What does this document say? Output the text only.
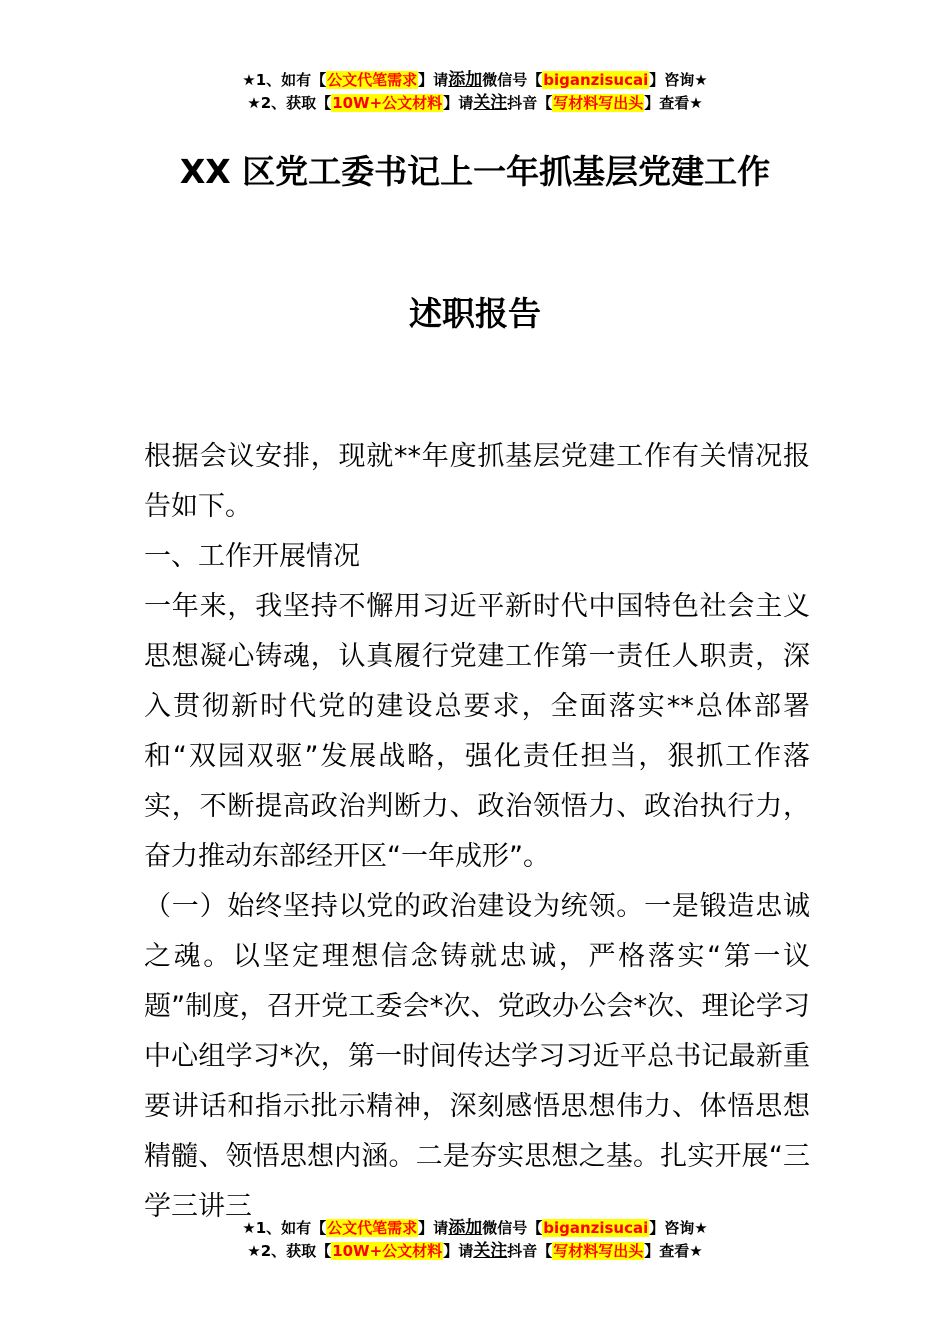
★1、如有【公文代笔需求】请添加微信号【biganzisucai】咨询★
★2、获取【10W+公文材料】请关注抖音【写材料写出头】查看★
XX 区党工委书记上一年抓基层党建工作
述职报告

根据会议安排，现就**年度抓基层党建工作有关情况报告如下。

一、工作开展情况

一年来，我坚持不懈用习近平新时代中国特色社会主义思想凝心铸魂，认真履行党建工作第一责任人职责，深入贯彻新时代党的建设总要求，全面落实**总体部署和“双园双驱”发展战略，强化责任担当，狠抓工作落实，不断提高政治判断力、政治领悟力、政治执行力，奋力推动东部经开区“一年成形”。

（一）始终坚持以党的政治建设为统领。一是锻造忠诚之魂。以坚定理想信念铸就忠诚，严格落实“第一议题”制度，召开党工委会*次、党政办公会*次、理论学习中心组学习*次，第一时间传达学习习近平总书记最新重要讲话和指示批示精神，深刻感悟思想伟力、体悟思想精髓、领悟思想内涵。二是夯实思想之基。扎实开展“三学三讲三

★1、如有【公文代笔需求】请添加微信号【biganzisucai】咨询★
★2、获取【10W+公文材料】请关注抖音【写材料写出头】查看★
